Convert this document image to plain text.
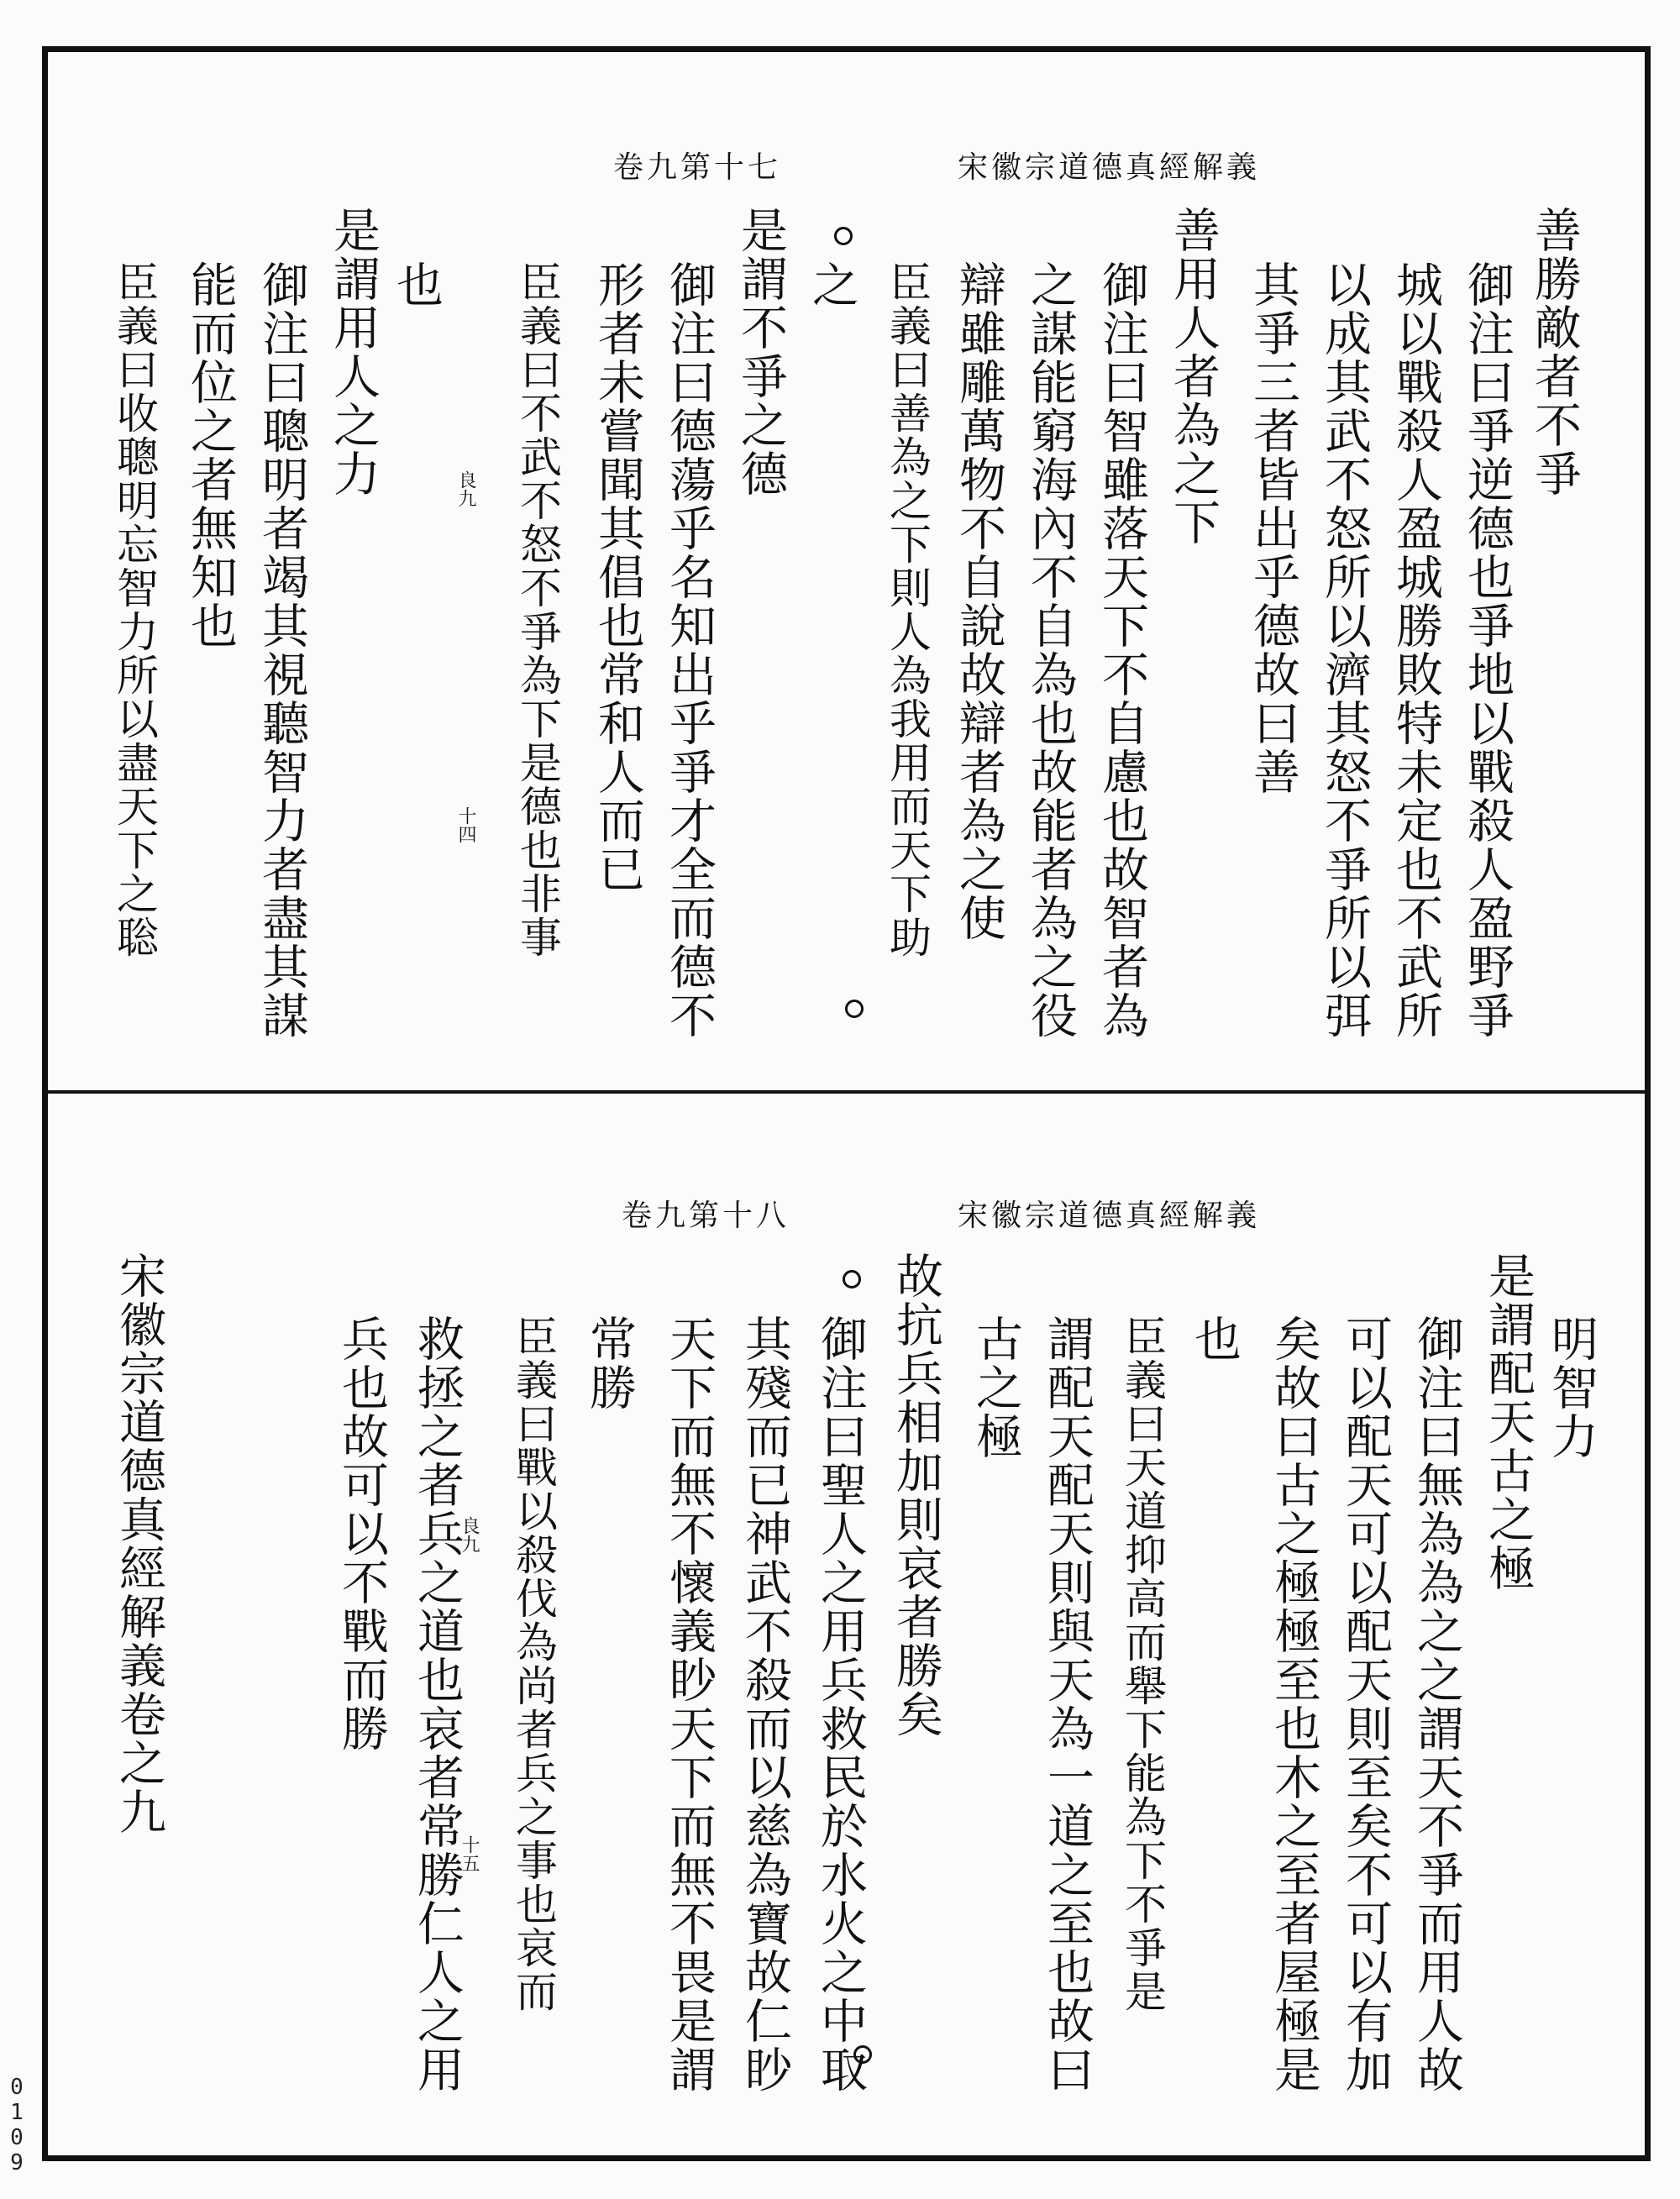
宋徽宗道德真經解義
卷九第十七
善勝敵者不爭
御注曰爭逆德也爭地以戰殺人盈野爭
城以戰殺人盈城勝敗特未定也不武所
以成其武不怒所以濟其怒不爭所以弭
其爭三者皆出乎德故曰善
善用人者為之下
御注曰智雖落天下不自慮也故智者為
之謀能窮海內不自為也故能者為之役
辯雖雕萬物不自說故辯者為之使
臣義曰善為之下則人為我用而天下助
之
是謂不爭之德
御注曰德蕩乎名知出乎爭才全而德不
形者未嘗聞其倡也常和人而已
臣義曰不武不怒不爭為下是德也非事
也
是謂用人之力
御注曰聰明者竭其視聽智力者盡其謀
能而位之者無知也
臣義曰收聰明忘智力所以盡天下之聡	良九
十四
宋徽宗道德真經解義
卷九第十八
明智力
是謂配天古之極
御注曰無為為之之謂天不爭而用人故
可以配天可以配天則至矣不可以有加
矣故曰古之極極至也木之至者屋極是
也
臣義曰天道抑高而舉下能為下不爭是
謂配天配天則與天為一道之至也故曰
古之極
故抗兵相加則哀者勝矣
御注曰聖人之用兵救民於水火之中取
其殘而已神武不殺而以慈為寶故仁眇
天下而無不懷義眇天下而無不畏是謂
常勝
臣義曰戰以殺伐為尚者兵之事也哀而
救拯之者兵之道也哀者常勝仁人之用
兵也故可以不戰而勝
宋徽宗道德真經解義卷之九	良九
十五
0109
